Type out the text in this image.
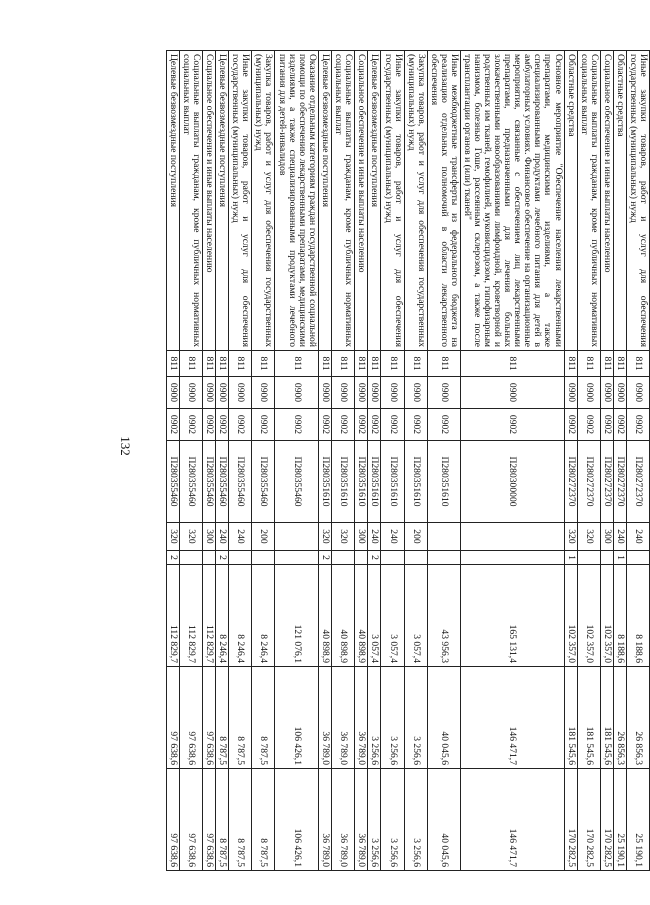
132
Иные закупки товаров, работ и услуг для обеспечения государственных (муниципальных) нужд	811	0900	0902	П280272370	240		8 188,6	26 856,3	25 190,1
Областные средства	811	0900	0902	П280272370	240	1	8 188,6	26 856,3	25 190,1
Социальное обеспечение и иные выплаты населению	811	0900	0902	П280272370	300		102 357,0	181 545,6	170 282,5
Социальные выплаты гражданам, кроме публичных нормативных социальных выплат	811	0900	0902	П280272370	320		102 357,0	181 545,6	170 282,5
Областные средства	811	0900	0902	П280272370	320	1	102 357,0	181 545,6	170 282,5
Основное мероприятие "Обеспечение населения лекарственными препаратами, медицинскими изделиями, а также специализированными продуктами лечебного питания для детей в амбулаторных условиях. Финансовое обеспечение на организационные мероприятия, связанные с обеспечением лиц лекарственными препаратами, предназначенными для лечения больных злокачественными новообразованиями лимфоидной, кроветворной и родственных им тканей, гемофилией, муковисцидозом, гипофизарным нанизмом, болезнью Гоше, рассеянным склерозом, а также после трансплантации органов и (или) тканей"	811	0900	0902	П280300000			165 131,4	146 471,7	146 471,7
Иные межбюджетные трансферты из федерального бюджета на реализацию отдельных полномочий в области лекарственного обеспечения	811	0900	0902	П280351610			43 956,3	40 045,6	40 045,6
Закупка товаров, работ и услуг для обеспечения государственных (муниципальных) нужд	811	0900	0902	П280351610	200		3 057,4	3 256,6	3 256,6
Иные закупки товаров, работ и услуг для обеспечения государственных (муниципальных) нужд	811	0900	0902	П280351610	240		3 057,4	3 256,6	3 256,6
Целевые безвозмездные поступления	811	0900	0902	П280351610	240	2	3 057,4	3 256,6	3 256,6
Социальное обеспечение и иные выплаты населению	811	0900	0902	П280351610	300		40 898,9	36 789,0	36 789,0
Социальные выплаты гражданам, кроме публичных нормативных социальных выплат	811	0900	0902	П280351610	320		40 898,9	36 789,0	36 789,0
Целевые безвозмездные поступления	811	0900	0902	П280351610	320	2	40 898,9	36 789,0	36 789,0
Оказание отдельным категориям граждан государственной социальной помощи по обеспечению лекарственными препаратами, медицинскими изделиями, а также специализированными продуктами лечебного питания для детей-инвалидов	811	0900	0902	П280355460			121 076,1	106 426,1	106 426,1
Закупка товаров, работ и услуг для обеспечения государственных (муниципальных) нужд	811	0900	0902	П280355460	200		8 246,4	8 787,5	8 787,5
Иные закупки товаров, работ и услуг для обеспечения государственных (муниципальных) нужд	811	0900	0902	П280355460	240		8 246,4	8 787,5	8 787,5
Целевые безвозмездные поступления	811	0900	0902	П280355460	240	2	8 246,4	8 787,5	8 787,5
Социальное обеспечение и иные выплаты населению	811	0900	0902	П280355460	300		112 829,7	97 638,6	97 638,6
Социальные выплаты гражданам, кроме публичных нормативных социальных выплат	811	0900	0902	П280355460	320		112 829,7	97 638,6	97 638,6
Целевые безвозмездные поступления	811	0900	0902	П280355460	320	2	112 829,7	97 638,6	97 638,6
